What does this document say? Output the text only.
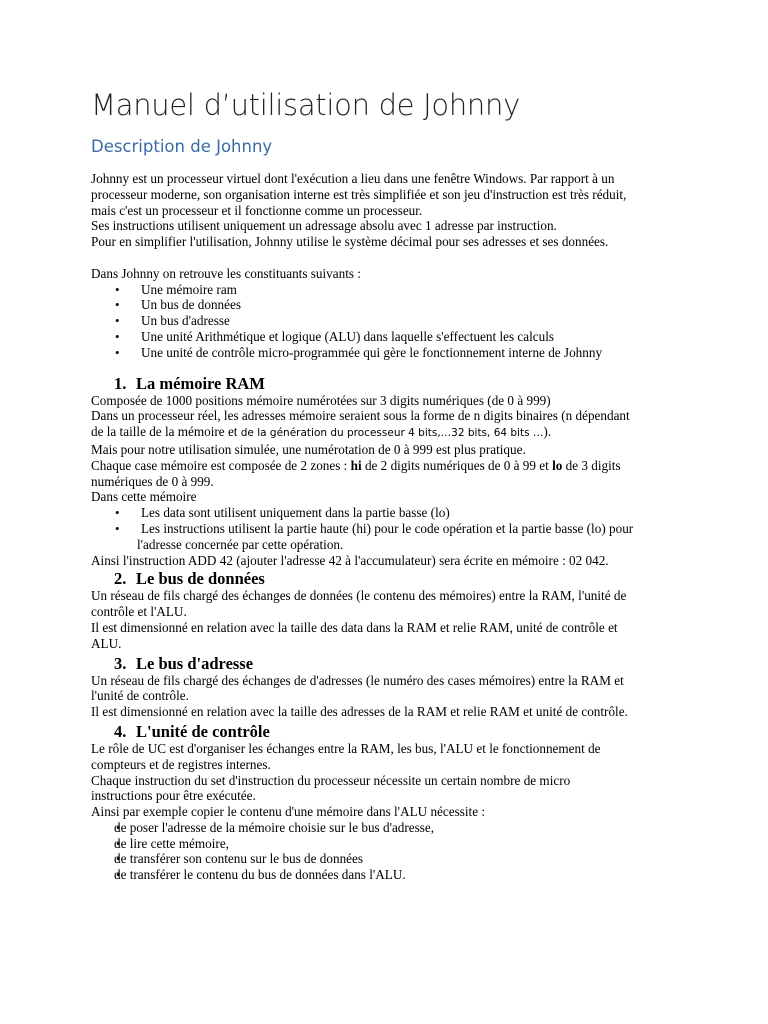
Manuel d’utilisation de Johnny
Description de Johnny

Johnny est un processeur virtuel dont l'exécution a lieu dans une fenêtre Windows. Par rapport à un

processeur moderne, son organisation interne est très simplifiée et son jeu d'instruction est très réduit,

mais c'est un processeur et il fonctionne comme un processeur.

Ses instructions utilisent uniquement un adressage absolu avec 1 adresse par instruction.

Pour en simplifier l'utilisation, Johnny utilise le système décimal pour ses adresses et ses données.

Dans Johnny on retrouve les constituants suivants :

• Une mémoire ram
• Un bus de données
• Un bus d'adresse
• Une unité Arithmétique et logique (ALU) dans laquelle s'effectuent les calculs
• Une unité de contrôle micro-programmée qui gère le fonctionnement interne de Johnny
1. La mémoire RAM

Composée de 1000 positions mémoire numérotées sur 3 digits numériques (de 0 à 999)

Dans un processeur réel, les adresses mémoire seraient sous la forme de n digits binaires (n dépendant

de la taille de la mémoire et de la génération du processeur 4 bits,…32 bits, 64 bits …).

Mais pour notre utilisation simulée, une numérotation de 0 à 999 est plus pratique.

Chaque case mémoire est composée de 2 zones : hi de 2 digits numériques de 0 à 99 et lo de 3 digits

numériques de 0 à 999.

Dans cette mémoire

• Les data sont utilisent uniquement dans la partie basse (lo)
• Les instructions utilisent la partie haute (hi) pour le code opération et la partie basse (lo) pour
l'adresse concernée par cette opération.

Ainsi l'instruction ADD 42 (ajouter l'adresse 42 à l'accumulateur) sera écrite en mémoire : 02 042.

2. Le bus de données

Un réseau de fils chargé des échanges de données (le contenu des mémoires) entre la RAM, l'unité de

contrôle et l'ALU.

Il est dimensionné en relation avec la taille des data dans la RAM et relie RAM, unité de contrôle et

ALU.

3. Le bus d'adresse

Un réseau de fils chargé des échanges de d'adresses (le numéro des cases mémoires) entre la RAM et

l'unité de contrôle.

Il est dimensionné en relation avec la taille des adresses de la RAM et relie RAM et unité de contrôle.

4. L'unité de contrôle

Le rôle de UC est d'organiser les échanges entre la RAM, les bus, l'ALU et le fonctionnement de

compteurs et de registres internes.

Chaque instruction du set d'instruction du processeur nécessite un certain nombre de micro

instructions pour être exécutée.

Ainsi par exemple copier le contenu d'une mémoire dans l'ALU nécessite :

• de poser l'adresse de la mémoire choisie sur le bus d'adresse,
• de lire cette mémoire,
• de transférer son contenu sur le bus de données
• de transférer le contenu du bus de données dans l'ALU.
